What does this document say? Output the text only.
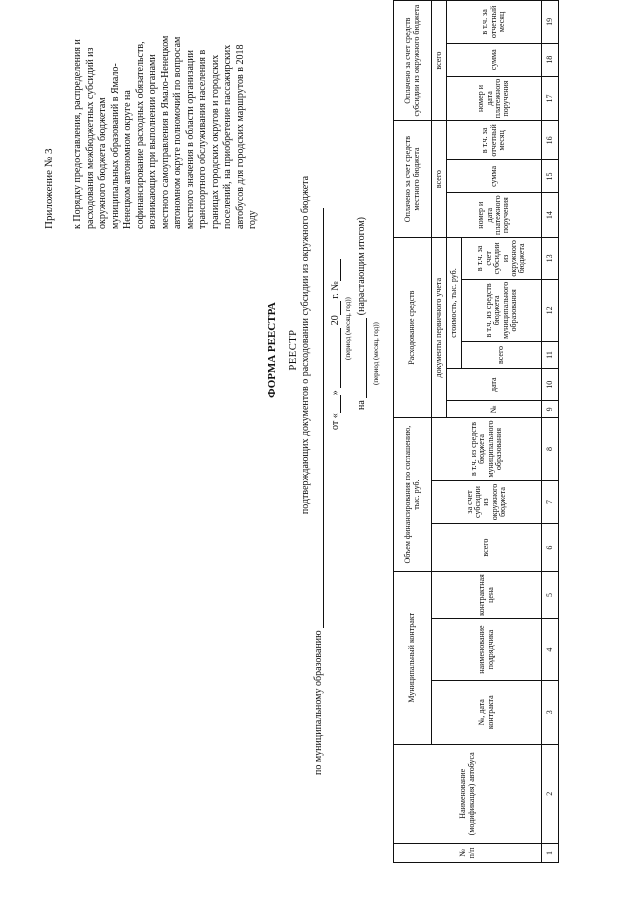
Приложение № 3 к Порядку предоставления, распределения и расходования межбюджетных субсидий из окружного бюджета бюджетам муниципальных образований в Ямало-Ненецком автономном округе на софинансирование расходных обязательств, возникающих при выполнении органами местного самоуправления в Ямало-Ненецком автономном округе полномочий по вопросам местного значения в области организации транспортного обслуживания населения в границах городских округов и городских поселений, на приобретение пассажирских автобусов для городских маршрутов в 2018 году
ФОРМА РЕЕСТРА РЕЕСТР подтверждающих документов о расходовании субсидии из окружного бюджета
по муниципальному образованию
от «»  20 г. №
(период (месяц, год))
на  (нарастающим итогом)
(период (месяц, год))
№ п/п	Наименование (модификация) автобуса	Муниципальный контракт			Объем финансирования по соглашению, тыс. руб.			Расходование средств					Оплачено за счет средств местного бюджета			Оплачено за счет средств субсидии из окружного бюджета		
		№, дата контракта	наименование подрядчика	контрактная цена	всего	за счет субсидии из окружного бюджета	в т.ч. из средств бюджета муниципального образования	документы первичного учета					всего			всего		
								№	дата	стоимость, тыс. руб.			номер и дата платежного поручения	сумма	в т.ч. за отчетный месяц	номер и дата платежного поручения	сумма	в т.ч. за отчетный месяц
										всего	в т.ч. из средств бюджета муниципального образования	в т.ч. за счет субсидии из окружного бюджета						
1	2	3	4	5	6	7	8	9	10	11	12	13	14	15	16	17	18	19
